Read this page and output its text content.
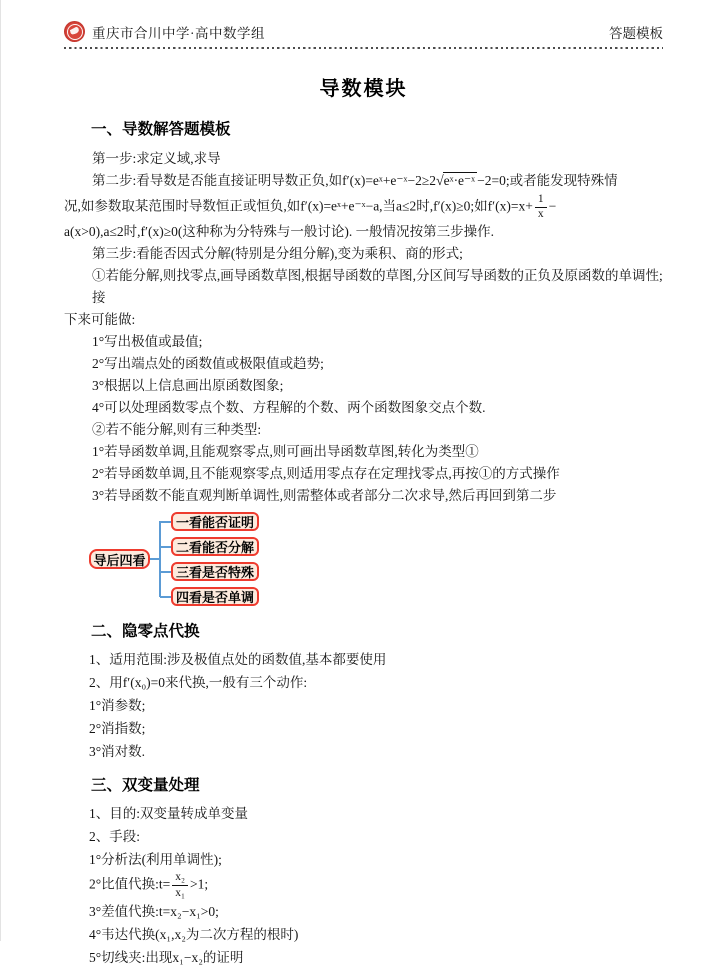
重庆市合川中学·高中数学组	答题模板
导数模块
一、导数解答题模板

第一步:求定义域,求导

第二步:看导数是否能直接证明导数正负,如f′(x)=eˣ+e⁻ˣ−2≥2√eˣ·e⁻ˣ −2=0;或者能发现特殊情

况,如参数取某范围时导数恒正或恒负,如f′(x)=eˣ+e⁻ˣ−a,当a≤2时,f′(x)≥0;如$f'(x)=x+ \frac{1}{x}$ −

a(x>0),a≤2时,f′(x)≥0(这种称为分特殊与一般讨论). 一般情况按第三步操作.

第三步:看能否因式分解(特别是分组分解),变为乘积、商的形式;

①若能分解,则找零点,画导函数草图,根据导函数的草图,分区间写导函数的正负及原函数的单调性;接

下来可能做:

1°写出极值或最值;

2°写出端点处的函数值或极限值或趋势;

3°根据以上信息画出原函数图象;

4°可以处理函数零点个数、方程解的个数、两个函数图象交点个数.

②若不能分解,则有三种类型:

1°若导函数单调,且能观察零点,则可画出导函数草图,转化为类型①

2°若导函数单调,且不能观察零点,则适用零点存在定理找零点,再按①的方式操作

3°若导函数不能直观判断单调性,则需整体或者部分二次求导,然后再回到第二步

导后四看
一看能否证明
二看能否分解
三看是否特殊
四看是否单调
二、隐零点代换

1、适用范围:涉及极值点处的函数值,基本都要使用

2、用f′(x₀)=0来代换,一般有三个动作:

1°消参数;

2°消指数;

3°消对数.

三、双变量处理

1、目的:双变量转成单变量

2、手段:

1°分析法(利用单调性);

2°比值代换:t= $\frac{\text{x₂}}{\text{x₁}} >1$;

3°差值代换:t=x₂−x₁>0;

4°韦达代换(x₁,x₂为二次方程的根时)

5°切线夹:出现x₁−x₂的证明
